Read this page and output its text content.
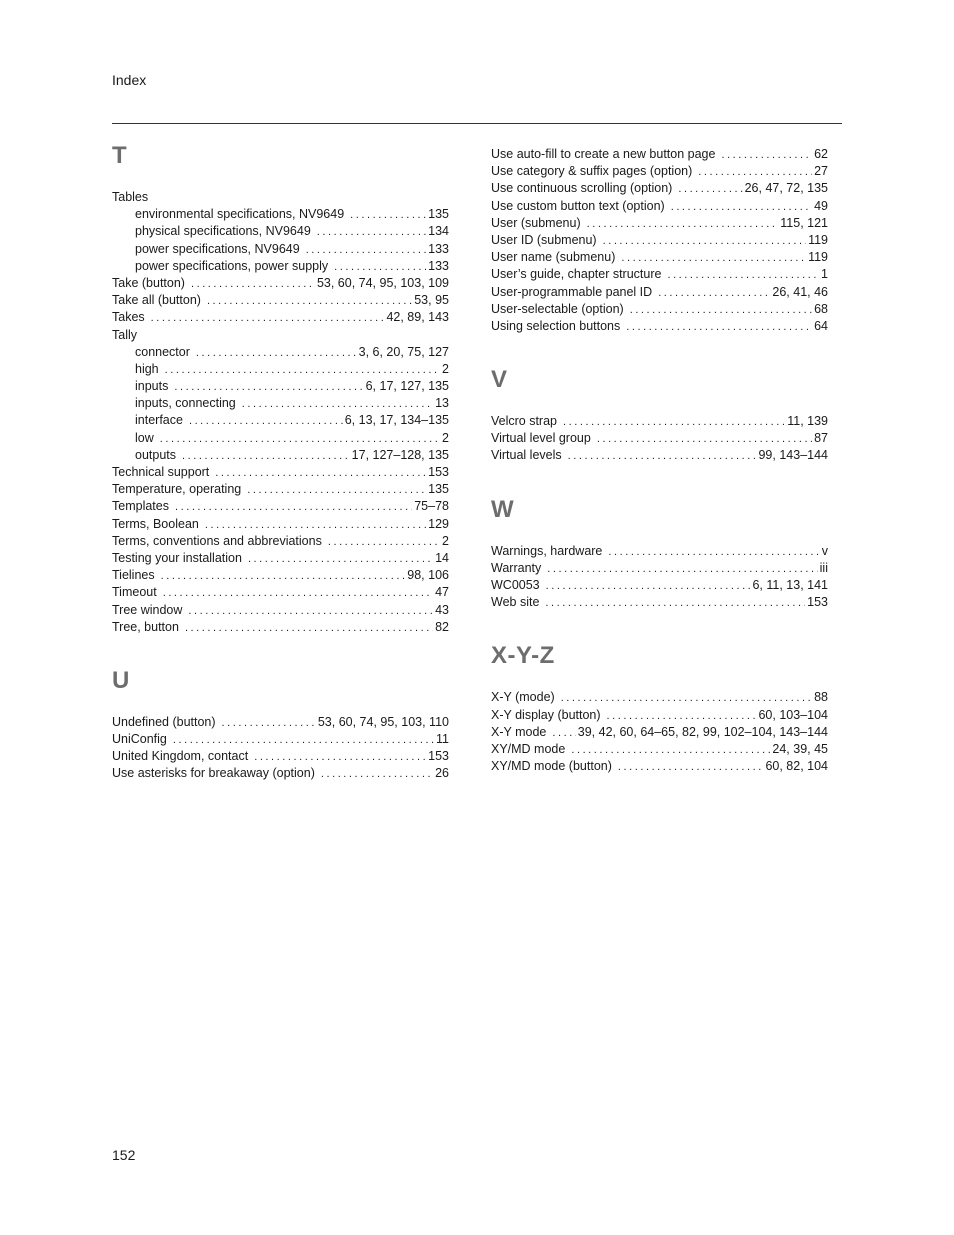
Index
T
Tables
environmental specifications, NV9649 . . .	135
physical specifications, NV9649 . . .	134
power specifications, NV9649 . . .	133
power specifications, power supply . . .	133
Take (button) . . .	53, 60, 74, 95, 103, 109
Take all (button) . . .	53, 95
Takes . . .	42, 89, 143
Tally
connector . . .	3, 6, 20, 75, 127
high . . .	2
inputs . . .	6, 17, 127, 135
inputs, connecting . . .	13
interface . . .	6, 13, 17, 134–135
low . . .	2
outputs . . .	17, 127–128, 135
Technical support . . .	153
Temperature, operating . . .	135
Templates . . .	75–78
Terms, Boolean . . .	129
Terms, conventions and abbreviations . . .	2
Testing your installation . . .	14
Tielines . . .	98, 106
Timeout . . .	47
Tree window . . .	43
Tree, button . . .	82
U
Undefined (button) . . .	53, 60, 74, 95, 103, 110
UniConfig . . .	11
United Kingdom, contact . . .	153
Use asterisks for breakaway (option) . . .	26
Use auto-fill to create a new button page . . .	62
Use category & suffix pages (option) . . .	27
Use continuous scrolling (option) . . .	26, 47, 72, 135
Use custom button text (option) . . .	49
User (submenu) . . .	115, 121
User ID (submenu) . . .	119
User name (submenu) . . .	119
User’s guide, chapter structure . . .	1
User-programmable panel ID . . .	26, 41, 46
User-selectable (option) . . .	68
Using selection buttons . . .	64
V
Velcro strap . . .	11, 139
Virtual level group . . .	87
Virtual levels . . .	99, 143–144
W
Warnings, hardware . . .	v
Warranty . . .	iii
WC0053 . . .	6, 11, 13, 141
Web site . . .	153
X-Y-Z
X-Y (mode) . . .	88
X-Y display (button) . . .	60, 103–104
X-Y mode . . .	39, 42, 60, 64–65, 82, 99, 102–104, 143–144
XY/MD mode . . .	24, 39, 45
XY/MD mode (button) . . .	60, 82, 104
152
